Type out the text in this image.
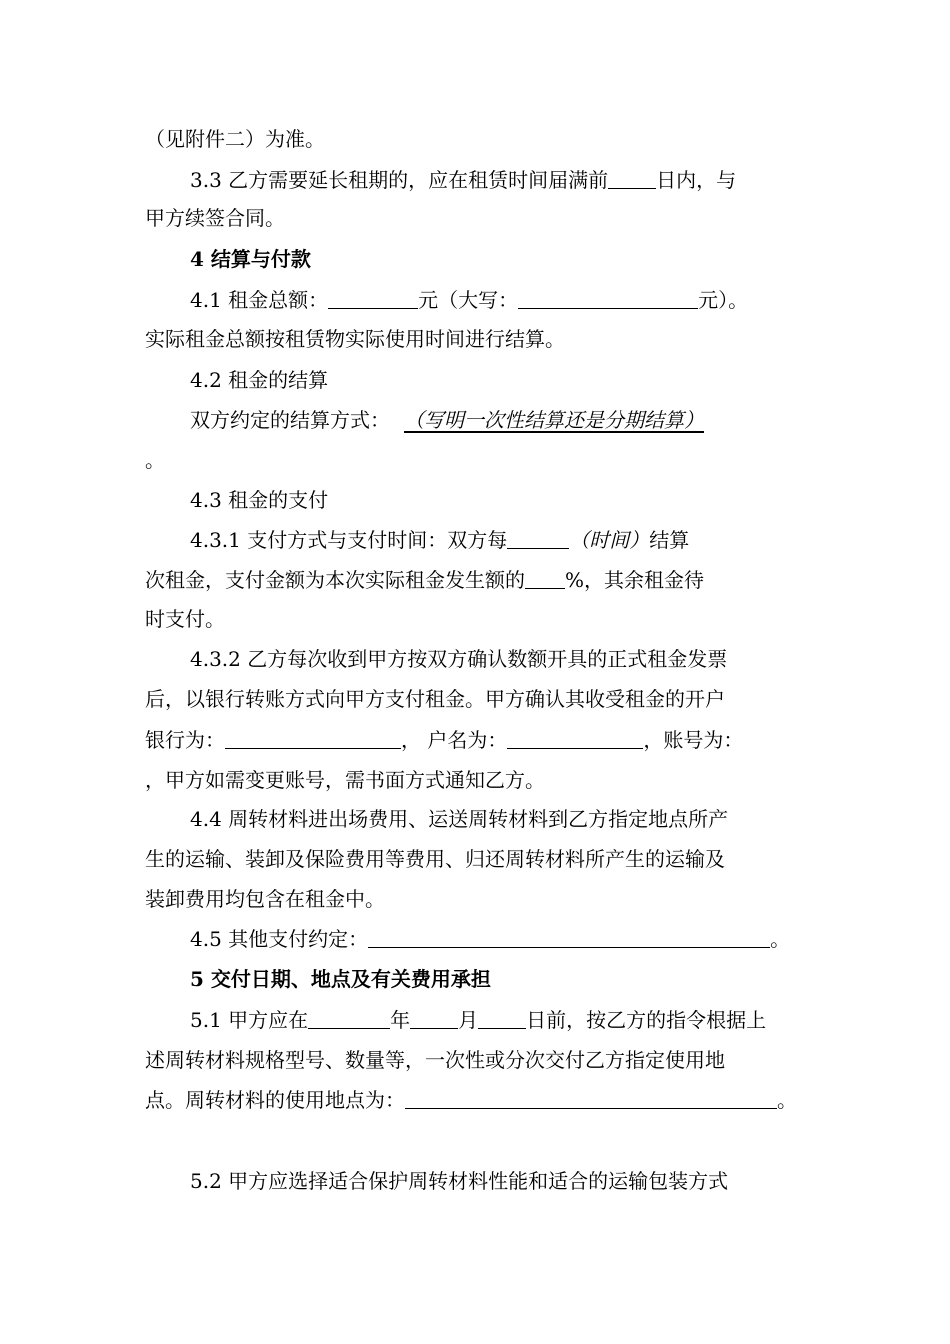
（见附件二）为准。
3.3 乙方需要延长租期的，应在租赁时间届满前 日内，与
甲方续签合同。
4 结算与付款
4.1 租金总额：	元（大写：	元）。
实际租金总额按租赁物实际使用时间进行结算。
4.2 租金的结算
双方约定的结算方式： （写明一次性结算还是分期结算）
。
4.3 租金的支付
4.3.1 支付方式与支付时间：双方每	（时间）结算
次租金，支付金额为本次实际租金发生额的 %，其余租金待
时支付。
4.3.2 乙方每次收到甲方按双方确认数额开具的正式租金发票
后，以银行转账方式向甲方支付租金。甲方确认其收受租金的开户
银行为：	， 户名为：	，账号为：
，甲方如需变更账号，需书面方式通知乙方。
4.4 周转材料进出场费用、运送周转材料到乙方指定地点所产
生的运输、装卸及保险费用等费用、归还周转材料所产生的运输及
装卸费用均包含在租金中。
4.5 其他支付约定：	。
5 交付日期、地点及有关费用承担
5.1 甲方应在	年 月 日前，按乙方的指令根据上
述周转材料规格型号、数量等，一次性或分次交付乙方指定使用地
点。周转材料的使用地点为：	。
5.2 甲方应选择适合保护周转材料性能和适合的运输包装方式
